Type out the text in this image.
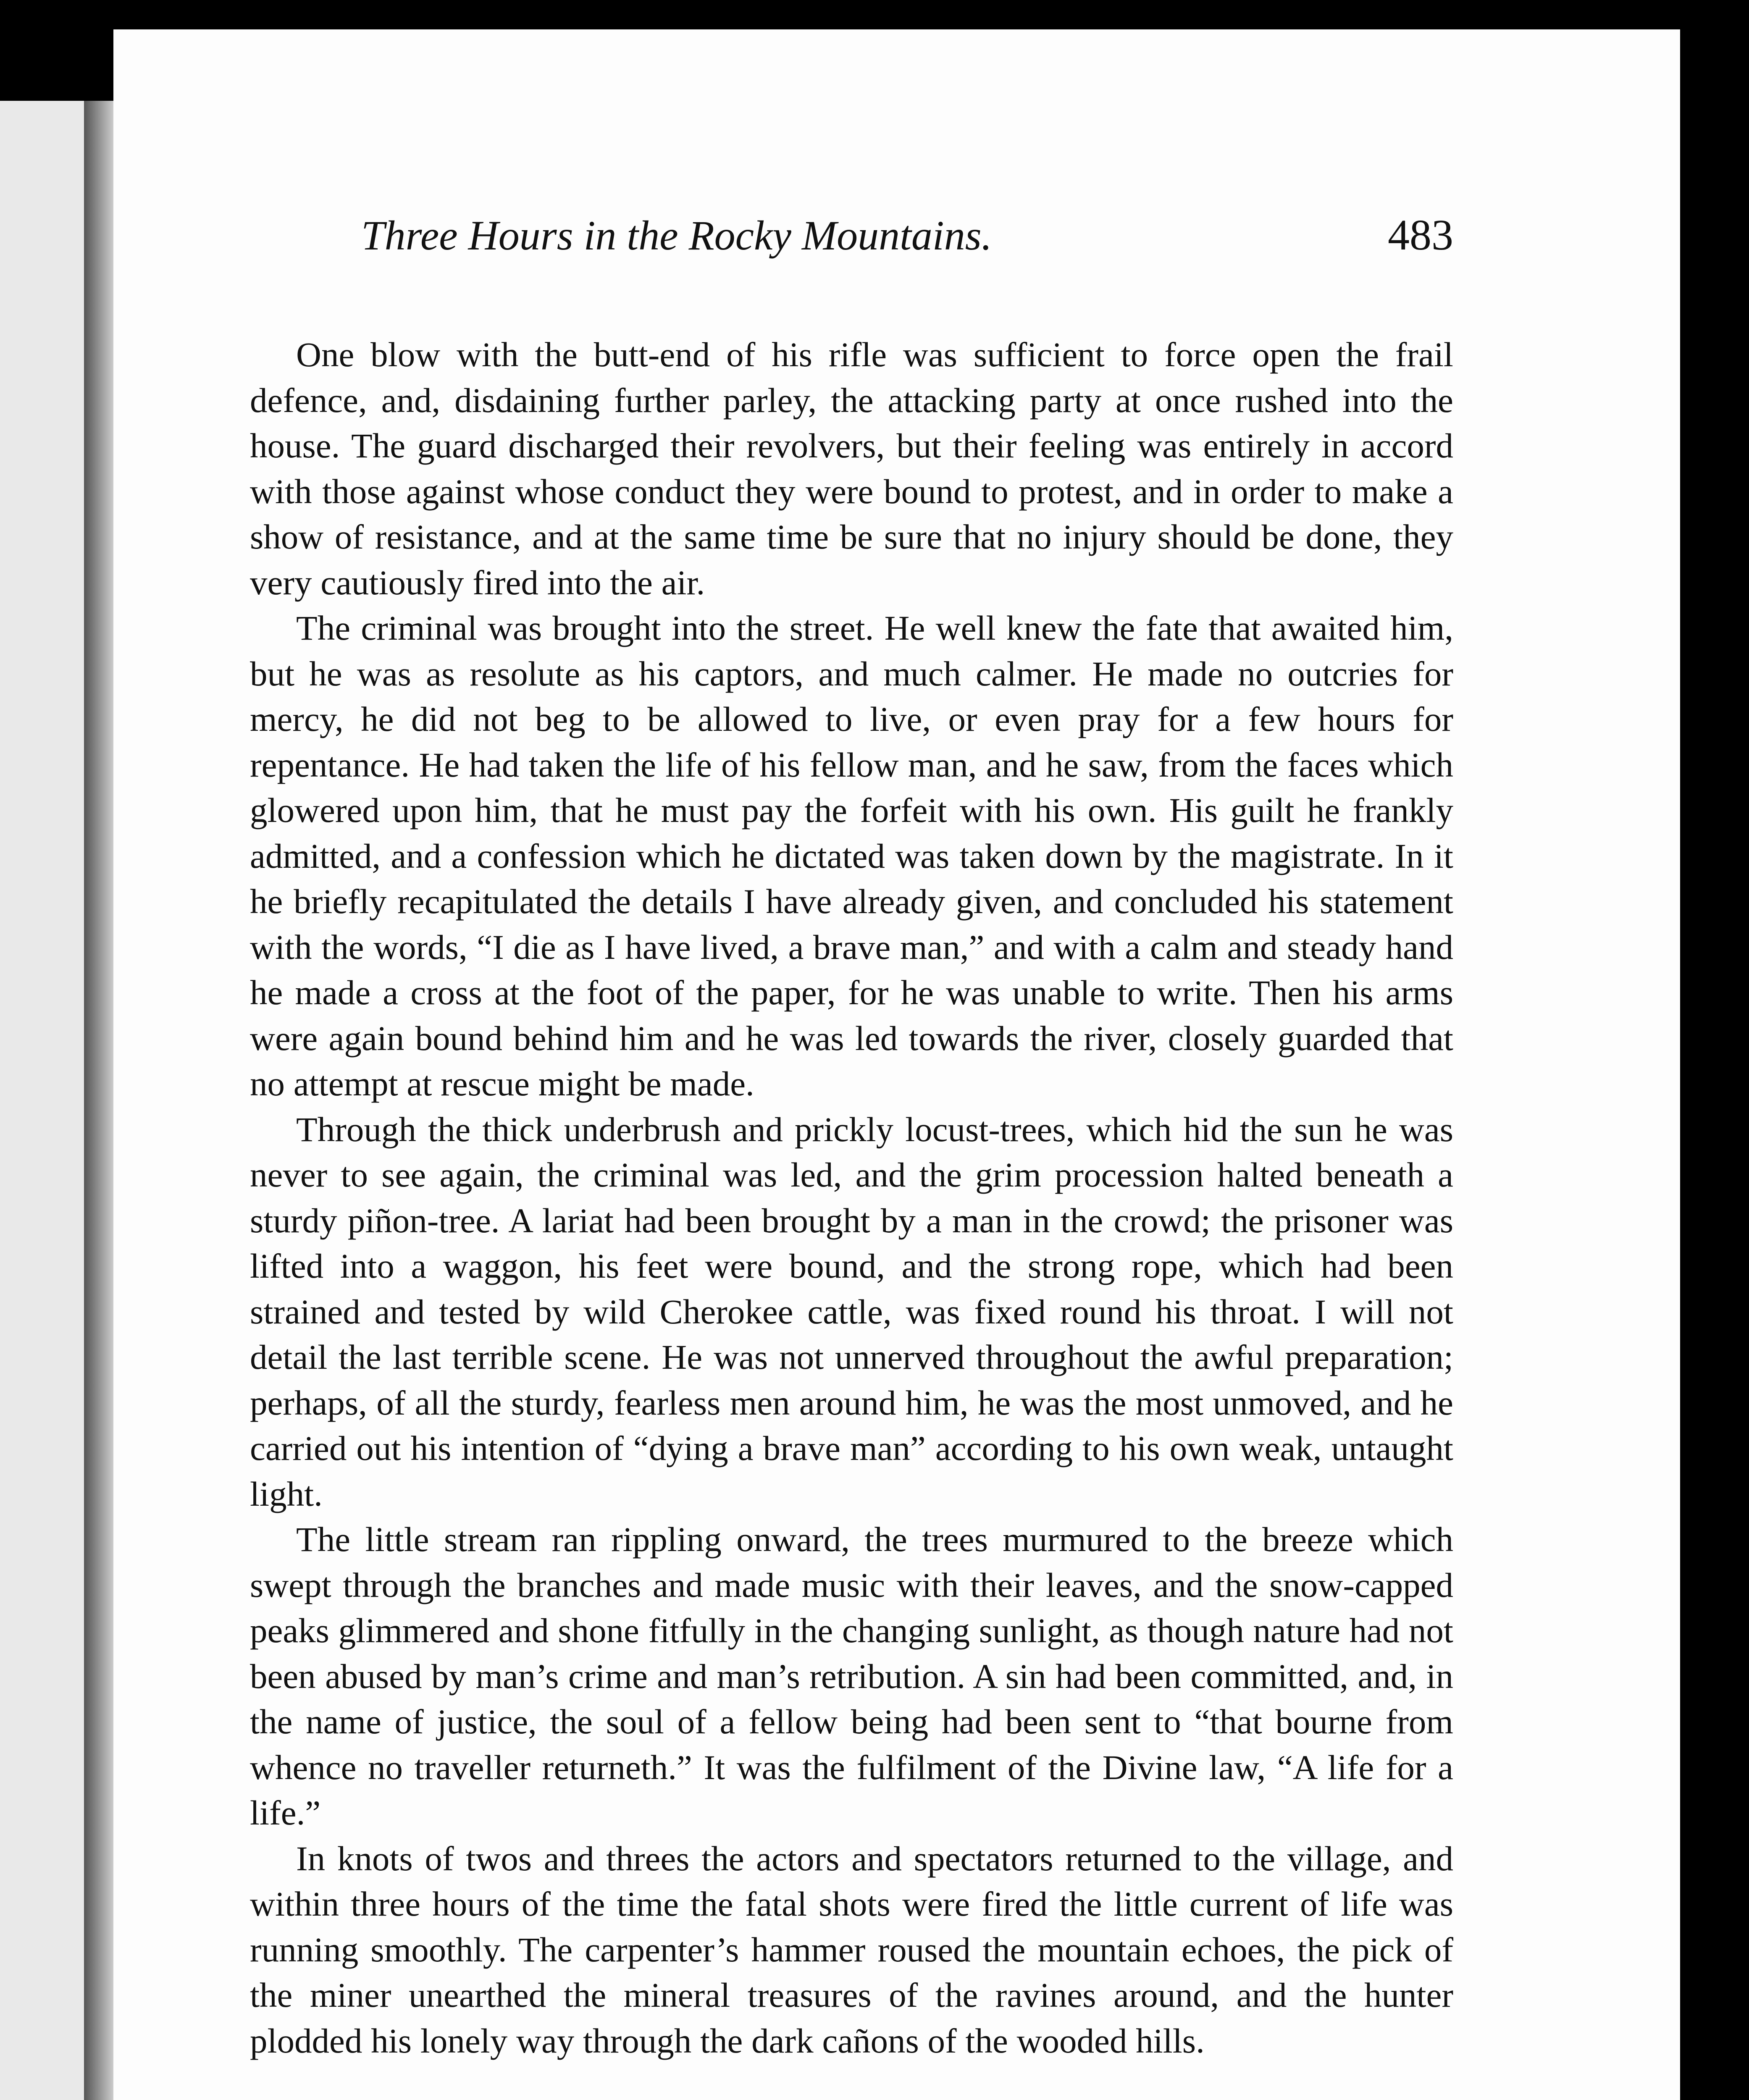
Three Hours in the Rocky Mountains.	483

One blow with the butt-end of his rifle was sufficient to force open the frail defence, and, disdaining further parley, the attacking party at once rushed into the house. The guard discharged their revolvers, but their feeling was entirely in accord with those against whose conduct they were bound to protest, and in order to make a show of resistance, and at the same time be sure that no injury should be done, they very cautiously fired into the air.

The criminal was brought into the street. He well knew the fate that awaited him, but he was as resolute as his captors, and much calmer. He made no outcries for mercy, he did not beg to be allowed to live, or even pray for a few hours for repentance. He had taken the life of his fellow man, and he saw, from the faces which glowered upon him, that he must pay the forfeit with his own. His guilt he frankly admitted, and a confession which he dictated was taken down by the magistrate. In it he briefly recapitulated the details I have already given, and concluded his statement with the words, “I die as I have lived, a brave man,” and with a calm and steady hand he made a cross at the foot of the paper, for he was unable to write. Then his arms were again bound behind him and he was led towards the river, closely guarded that no attempt at rescue might be made.

Through the thick underbrush and prickly locust-trees, which hid the sun he was never to see again, the criminal was led, and the grim procession halted beneath a sturdy piñon-tree. A lariat had been brought by a man in the crowd; the prisoner was lifted into a waggon, his feet were bound, and the strong rope, which had been strained and tested by wild Cherokee cattle, was fixed round his throat. I will not detail the last terrible scene. He was not unnerved throughout the awful preparation; perhaps, of all the sturdy, fearless men around him, he was the most unmoved, and he carried out his intention of “dying a brave man” according to his own weak, untaught light.

The little stream ran rippling onward, the trees murmured to the breeze which swept through the branches and made music with their leaves, and the snow-capped peaks glimmered and shone fitfully in the changing sunlight, as though nature had not been abused by man’s crime and man’s retribution. A sin had been committed, and, in the name of justice, the soul of a fellow being had been sent to “that bourne from whence no traveller returneth.” It was the fulfilment of the Divine law, “A life for a life.”

In knots of twos and threes the actors and spectators returned to the village, and within three hours of the time the fatal shots were fired the little current of life was running smoothly. The carpenter’s hammer roused the mountain echoes, the pick of the miner unearthed the mineral treasures of the ravines around, and the hunter plodded his lonely way through the dark cañons of the wooded hills.
